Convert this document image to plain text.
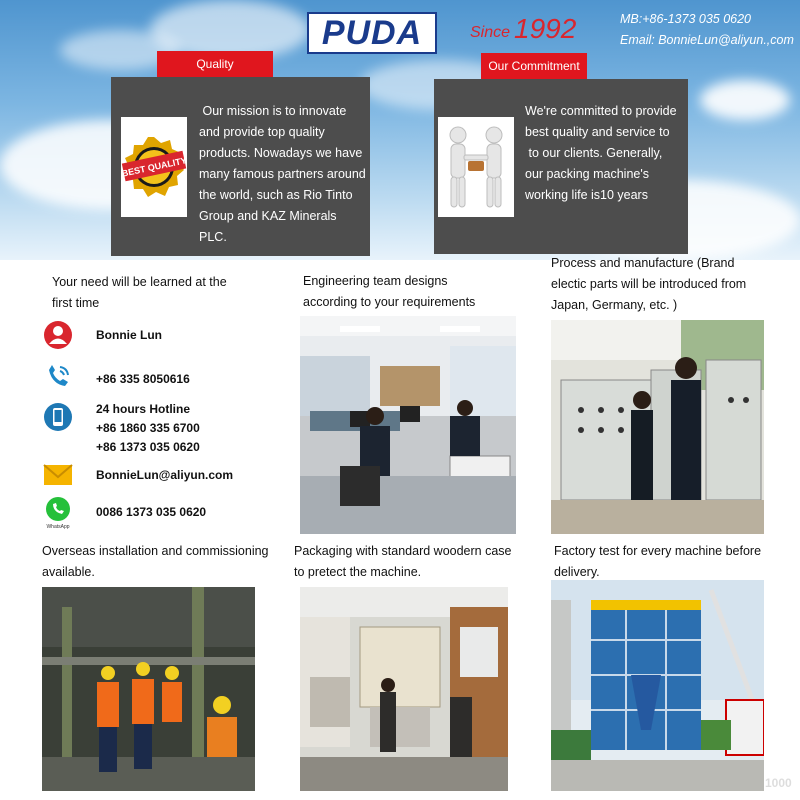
PUDA	Since 1992	MB:+86-1373 035 0620
Email: BonnieLun@aliyun.,com
Quality
BEST QUALITY
Our mission is to innovate
and provide top quality
products. Nowadays we have
many famous partners around
the world, such as Rio Tinto
Group and KAZ Minerals
PLC.
Our Commitment
We're committed to provide
best quality and service to
to our clients. Generally,
our packing machine's
working life is10 years
Your need will be learned at the
first time
Engineering team designs
according to your requirements
Process and manufacture (Brand
electic parts will be introduced from
Japan, Germany, etc. )
Bonnie Lun
+86 335 8050616
24 hours Hotline
+86 1860 335 6700
+86 1373 035 0620
BonnieLun@aliyun.com
WhatsApp
0086 1373 035 0620
Overseas installation and commissioning
available.
Packaging with standard woodern case
to pretect the machine.
Factory test for every machine before
delivery.
昵图	1000
